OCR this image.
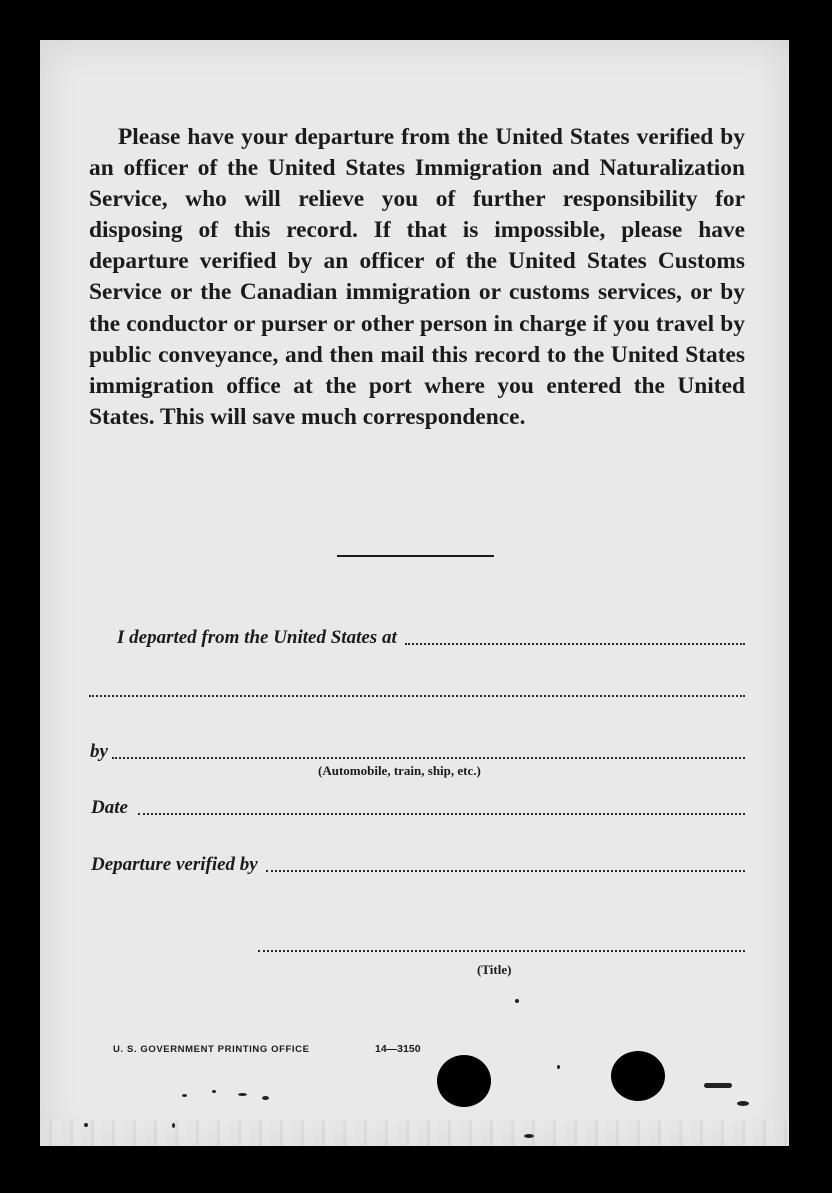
Please have your departure from the United States verified by an officer of the United States Immigration and Naturalization Service, who will relieve you of further responsibility for disposing of this record. If that is impossible, please have departure verified by an officer of the United States Customs Service or the Canadian immigration or customs services, or by the conductor or purser or other person in charge if you travel by public conveyance, and then mail this record to the United States immigration office at the port where you entered the United States. This will save much correspondence.

I departed from the United States at
by
(Automobile, train, ship, etc.)
Date
Departure verified by
(Title)
U. S. GOVERNMENT PRINTING OFFICE	14—3150
